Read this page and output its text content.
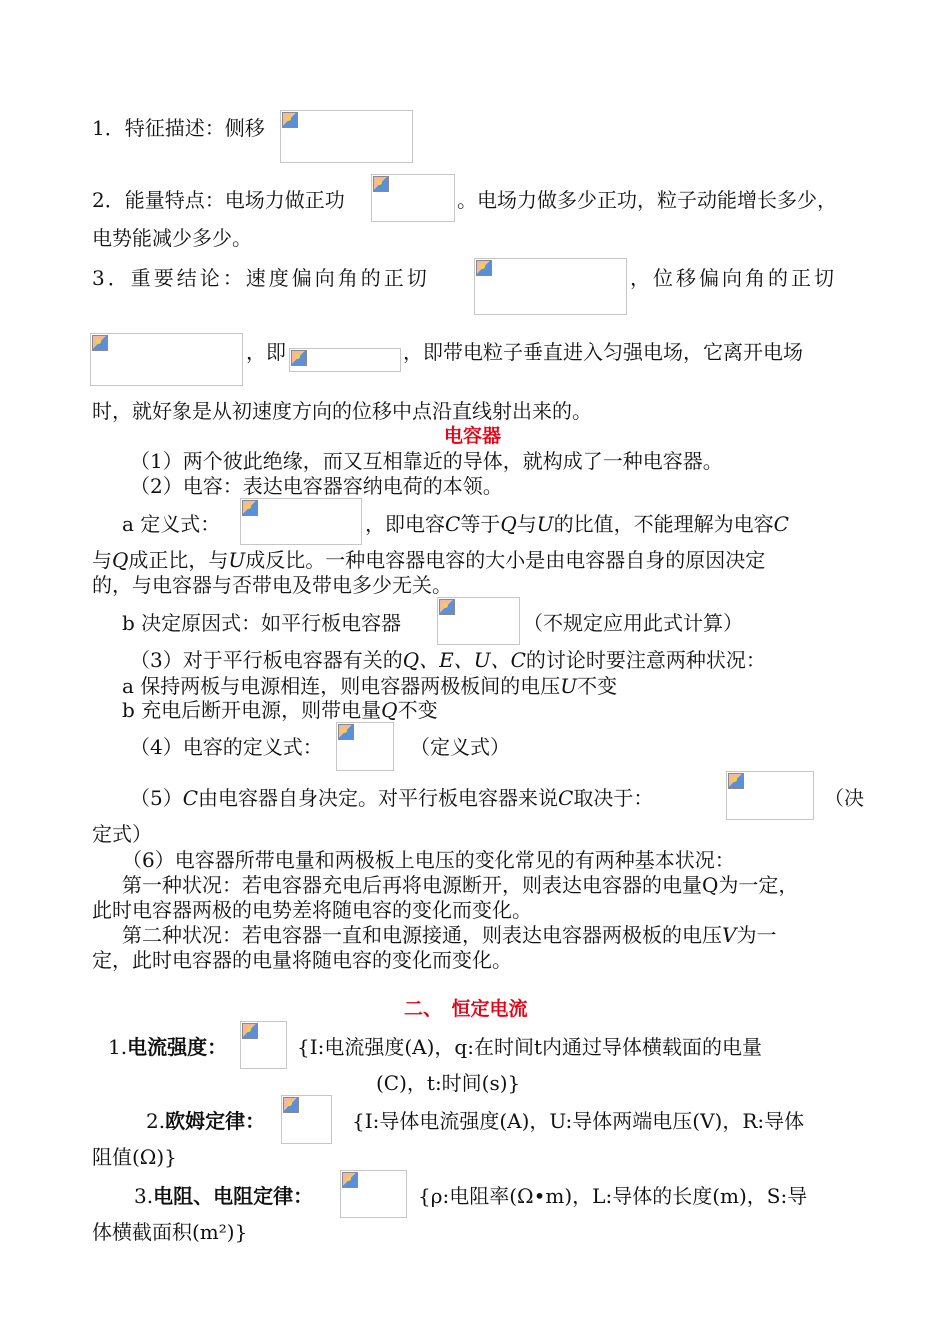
1．特征描述：侧移
2．能量特点：电场力做正功	。电场力做多少正功，粒子动能增长多少，
电势能减少多少。
3．重要结论：速度偏向角的正切	，位移偏向角的正切
，即	，即带电粒子垂直进入匀强电场，它离开电场
时，就好象是从初速度方向的位移中点沿直线射出来的。
电容器
（1）两个彼此绝缘，而又互相靠近的导体，就构成了一种电容器。
（2）电容：表达电容器容纳电荷的本领。
a 定义式：	，即电容C等于Q与U的比值，不能理解为电容C
与Q成正比，与U成反比。一种电容器电容的大小是由电容器自身的原因决定
的，与电容器与否带电及带电多少无关。
b 决定原因式：如平行板电容器	（不规定应用此式计算）
（3）对于平行板电容器有关的Q、E、U、C的讨论时要注意两种状况：
a 保持两板与电源相连，则电容器两极板间的电压U不变
b 充电后断开电源，则带电量Q不变
（4）电容的定义式：	（定义式）
（5）C由电容器自身决定。对平行板电容器来说C取决于：	（决
定式）
（6）电容器所带电量和两极板上电压的变化常见的有两种基本状况：
第一种状况：若电容器充电后再将电源断开，则表达电容器的电量Q为一定，
此时电容器两极的电势差将随电容的变化而变化。
第二种状况：若电容器一直和电源接通，则表达电容器两极板的电压V为一
定，此时电容器的电量将随电容的变化而变化。
二、　恒定电流
1.电流强度：	{I:电流强度(A)，q:在时间t内通过导体横载面的电量
(C)，t:时间(s)}
2.欧姆定律：	{I:导体电流强度(A)，U:导体两端电压(V)，R:导体
阻值(Ω)}
3.电阻、电阻定律：	{ρ:电阻率(Ω•m)，L:导体的长度(m)，S:导
体横截面积(m²)}
